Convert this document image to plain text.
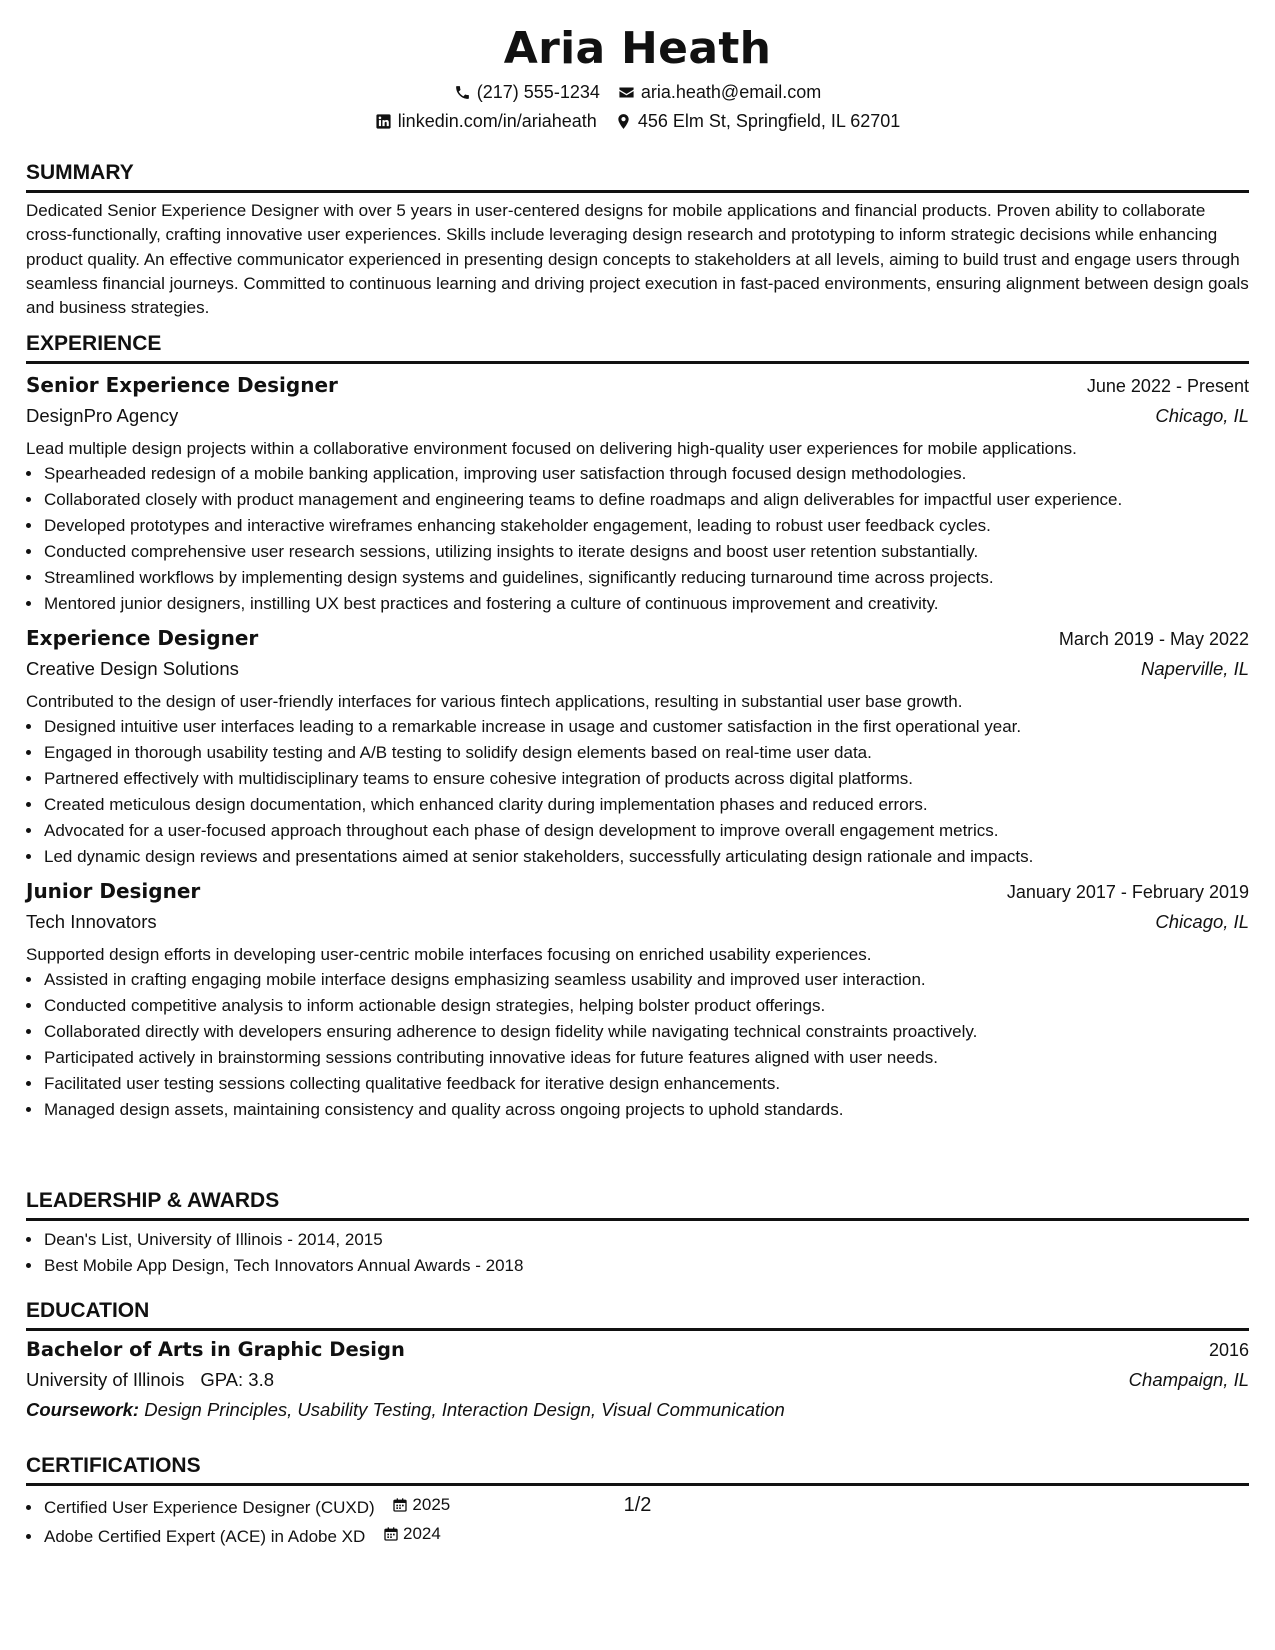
Aria Heath
(217) 555-1234 aria.heath@email.com
linkedin.com/in/ariaheath 456 Elm St, Springfield, IL 62701
SUMMARY

Dedicated Senior Experience Designer with over 5 years in user-centered designs for mobile applications and financial products. Proven ability to collaborate cross-functionally, crafting innovative user experiences. Skills include leveraging design research and prototyping to inform strategic decisions while enhancing product quality. An effective communicator experienced in presenting design concepts to stakeholders at all levels, aiming to build trust and engage users through seamless financial journeys. Committed to continuous learning and driving project execution in fast-paced environments, ensuring alignment between design goals and business strategies.

EXPERIENCE
Senior Experience Designer	June 2022 - Present
DesignPro Agency	Chicago, IL
Lead multiple design projects within a collaborative environment focused on delivering high-quality user experiences for mobile applications.
• Spearheaded redesign of a mobile banking application, improving user satisfaction through focused design methodologies.
• Collaborated closely with product management and engineering teams to define roadmaps and align deliverables for impactful user experience.
• Developed prototypes and interactive wireframes enhancing stakeholder engagement, leading to robust user feedback cycles.
• Conducted comprehensive user research sessions, utilizing insights to iterate designs and boost user retention substantially.
• Streamlined workflows by implementing design systems and guidelines, significantly reducing turnaround time across projects.
• Mentored junior designers, instilling UX best practices and fostering a culture of continuous improvement and creativity.
Experience Designer	March 2019 - May 2022
Creative Design Solutions	Naperville, IL
Contributed to the design of user-friendly interfaces for various fintech applications, resulting in substantial user base growth.
• Designed intuitive user interfaces leading to a remarkable increase in usage and customer satisfaction in the first operational year.
• Engaged in thorough usability testing and A/B testing to solidify design elements based on real-time user data.
• Partnered effectively with multidisciplinary teams to ensure cohesive integration of products across digital platforms.
• Created meticulous design documentation, which enhanced clarity during implementation phases and reduced errors.
• Advocated for a user-focused approach throughout each phase of design development to improve overall engagement metrics.
• Led dynamic design reviews and presentations aimed at senior stakeholders, successfully articulating design rationale and impacts.
Junior Designer	January 2017 - February 2019
Tech Innovators	Chicago, IL
Supported design efforts in developing user-centric mobile interfaces focusing on enriched usability experiences.
• Assisted in crafting engaging mobile interface designs emphasizing seamless usability and improved user interaction.
• Conducted competitive analysis to inform actionable design strategies, helping bolster product offerings.
• Collaborated directly with developers ensuring adherence to design fidelity while navigating technical constraints proactively.
• Participated actively in brainstorming sessions contributing innovative ideas for future features aligned with user needs.
• Facilitated user testing sessions collecting qualitative feedback for iterative design enhancements.
• Managed design assets, maintaining consistency and quality across ongoing projects to uphold standards.
LEADERSHIP & AWARDS
• Dean's List, University of Illinois - 2014, 2015
• Best Mobile App Design, Tech Innovators Annual Awards - 2018
EDUCATION
Bachelor of Arts in Graphic Design	2016
University of Illinois GPA: 3.8	Champaign, IL
Coursework: Design Principles, Usability Testing, Interaction Design, Visual Communication
CERTIFICATIONS
• Certified User Experience Designer (CUXD) 2025
• Adobe Certified Expert (ACE) in Adobe XD 2024
1/2
